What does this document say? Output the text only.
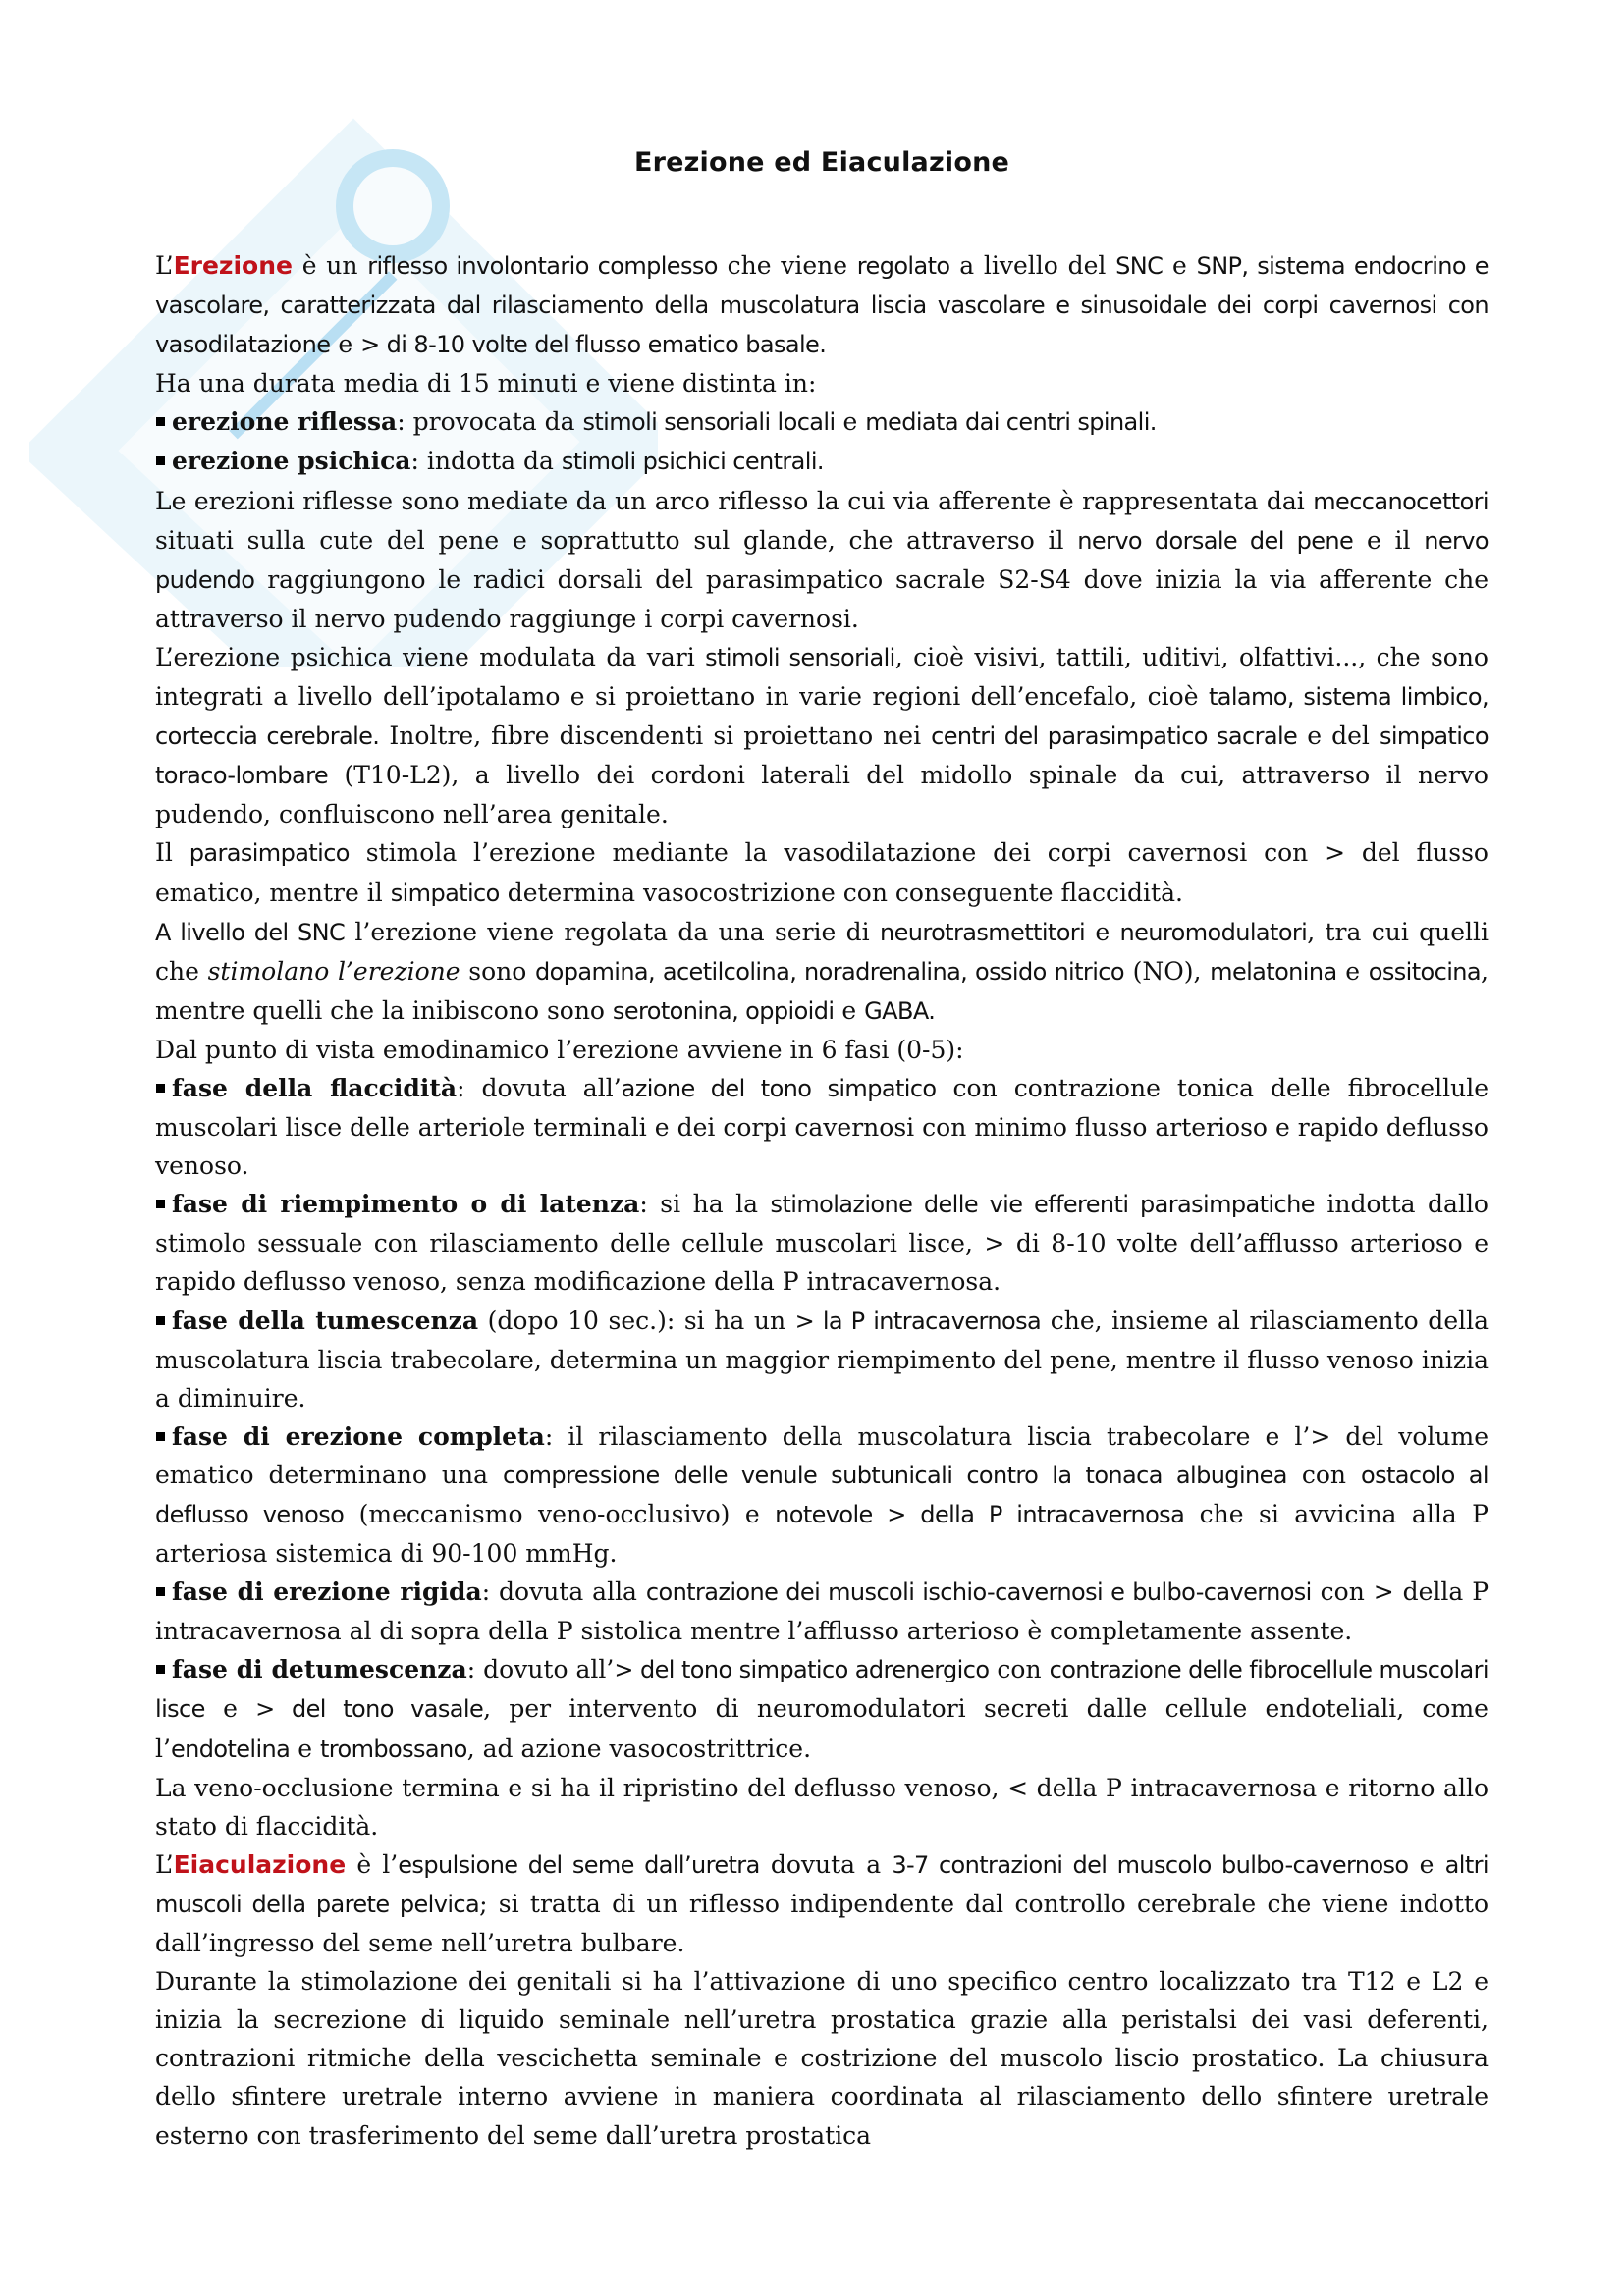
Erezione ed Eiaculazione

L’Erezione è un riflesso involontario complesso che viene regolato a livello del SNC e SNP, sistema endocrino e vascolare, caratterizzata dal rilasciamento della muscolatura liscia vascolare e sinusoidale dei corpi cavernosi con vasodilatazione e > di 8-10 volte del flusso ematico basale.

Ha una durata media di 15 minuti e viene distinta in:

erezione riflessa: provocata da stimoli sensoriali locali e mediata dai centri spinali.

erezione psichica: indotta da stimoli psichici centrali.

Le erezioni riflesse sono mediate da un arco riflesso la cui via afferente è rappresentata dai meccanocettori situati sulla cute del pene e soprattutto sul glande, che attraverso il nervo dorsale del pene e il nervo pudendo raggiungono le radici dorsali del parasimpatico sacrale S2-S4 dove inizia la via afferente che attraverso il nervo pudendo raggiunge i corpi cavernosi.

L’erezione psichica viene modulata da vari stimoli sensoriali, cioè visivi, tattili, uditivi, olfattivi..., che sono integrati a livello dell’ipotalamo e si proiettano in varie regioni dell’encefalo, cioè talamo, sistema limbico, corteccia cerebrale. Inoltre, fibre discendenti si proiettano nei centri del parasimpatico sacrale e del simpatico toraco-lombare (T10-L2), a livello dei cordoni laterali del midollo spinale da cui, attraverso il nervo pudendo, confluiscono nell’area genitale.

Il parasimpatico stimola l’erezione mediante la vasodilatazione dei corpi cavernosi con > del flusso ematico, mentre il simpatico determina vasocostrizione con conseguente flaccidità.

A livello del SNC l’erezione viene regolata da una serie di neurotrasmettitori e neuromodulatori, tra cui quelli che stimolano l’erezione sono dopamina, acetilcolina, noradrenalina, ossido nitrico (NO), melatonina e ossitocina, mentre quelli che la inibiscono sono serotonina, oppioidi e GABA.

Dal punto di vista emodinamico l’erezione avviene in 6 fasi (0-5):

fase della flaccidità: dovuta all’azione del tono simpatico con contrazione tonica delle fibrocellule muscolari lisce delle arteriole terminali e dei corpi cavernosi con minimo flusso arterioso e rapido deflusso venoso.

fase di riempimento o di latenza: si ha la stimolazione delle vie efferenti parasimpatiche indotta dallo stimolo sessuale con rilasciamento delle cellule muscolari lisce, > di 8-10 volte dell’afflusso arterioso e rapido deflusso venoso, senza modificazione della P intracavernosa.

fase della tumescenza (dopo 10 sec.): si ha un > la P intracavernosa che, insieme al rilasciamento della muscolatura liscia trabecolare, determina un maggior riempimento del pene, mentre il flusso venoso inizia a diminuire.

fase di erezione completa: il rilasciamento della muscolatura liscia trabecolare e l’> del volume ematico determinano una compressione delle venule subtunicali contro la tonaca albuginea con ostacolo al deflusso venoso (meccanismo veno-occlusivo) e notevole > della P intracavernosa che si avvicina alla P arteriosa sistemica di 90-100 mmHg.

fase di erezione rigida: dovuta alla contrazione dei muscoli ischio-cavernosi e bulbo-cavernosi con > della P intracavernosa al di sopra della P sistolica mentre l’afflusso arterioso è completamente assente.

fase di detumescenza: dovuto all’> del tono simpatico adrenergico con contrazione delle fibrocellule muscolari lisce e > del tono vasale, per intervento di neuromodulatori secreti dalle cellule endoteliali, come l’endotelina e trombossano, ad azione vasocostrittrice.

La veno-occlusione termina e si ha il ripristino del deflusso venoso, < della P intracavernosa e ritorno allo stato di flaccidità.

L’Eiaculazione è l’espulsione del seme dall’uretra dovuta a 3-7 contrazioni del muscolo bulbo-cavernoso e altri muscoli della parete pelvica; si tratta di un riflesso indipendente dal controllo cerebrale che viene indotto dall’ingresso del seme nell’uretra bulbare.

Durante la stimolazione dei genitali si ha l’attivazione di uno specifico centro localizzato tra T12 e L2 e inizia la secrezione di liquido seminale nell’uretra prostatica grazie alla peristalsi dei vasi deferenti, contrazioni ritmiche della vescichetta seminale e costrizione del muscolo liscio prostatico. La chiusura dello sfintere uretrale interno avviene in maniera coordinata al rilasciamento dello sfintere uretrale esterno con trasferimento del seme dall’uretra prostatica
